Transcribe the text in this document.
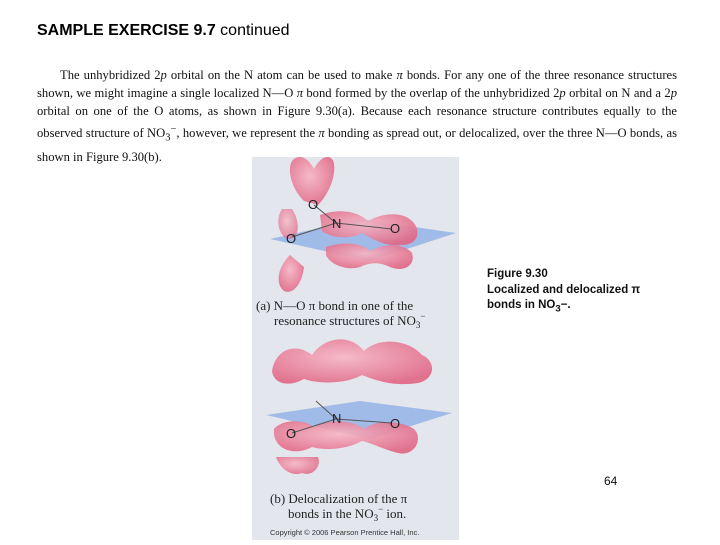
SAMPLE EXERCISE 9.7 continued
The unhybridized 2p orbital on the N atom can be used to make π bonds. For any one of the three resonance structures shown, we might imagine a single localized N—O π bond formed by the overlap of the unhybridized 2p orbital on N and a 2p orbital on one of the O atoms, as shown in Figure 9.30(a). Because each resonance structure contributes equally to the observed structure of $NO_3^-$, however, we represent the π bonding as spread out, or delocalized, over the three N—O bonds, as shown in Figure 9.30(b).
O
N
O
O
(a) N—O π bond in one of the
resonance structures of $NO_3^-$
N
O
O
(b) Delocalization of the π
bonds in the $NO_3^-$ ion.
Copyright © 2006 Pearson Prentice Hall, Inc.
Figure 9.30
Localized and delocalized π
bonds in $NO_3-$.
64
